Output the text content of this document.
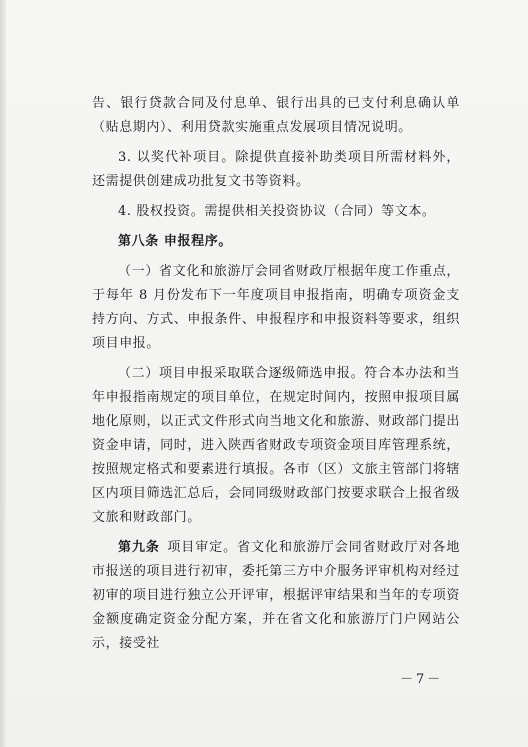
告、银行贷款合同及付息单、银行出具的已支付利息确认单（贴息期内）、利用贷款实施重点发展项目情况说明。

3. 以奖代补项目。除提供直接补助类项目所需材料外，还需提供创建成功批复文书等资料。

4. 股权投资。需提供相关投资协议（合同）等文本。

第八条 申报程序。

（一）省文化和旅游厅会同省财政厅根据年度工作重点，于每年 8 月份发布下一年度项目申报指南，明确专项资金支持方向、方式、申报条件、申报程序和申报资料等要求，组织项目申报。

（二）项目申报采取联合逐级筛选申报。符合本办法和当年申报指南规定的项目单位，在规定时间内，按照申报项目属地化原则，以正式文件形式向当地文化和旅游、财政部门提出资金申请，同时，进入陕西省财政专项资金项目库管理系统，按照规定格式和要素进行填报。各市（区）文旅主管部门将辖区内项目筛选汇总后，会同同级财政部门按要求联合上报省级文旅和财政部门。

第九条  项目审定。省文化和旅游厅会同省财政厅对各地市报送的项目进行初审，委托第三方中介服务评审机构对经过初审的项目进行独立公开评审，根据评审结果和当年的专项资金额度确定资金分配方案，并在省文化和旅游厅门户网站公示，接受社

－7－
